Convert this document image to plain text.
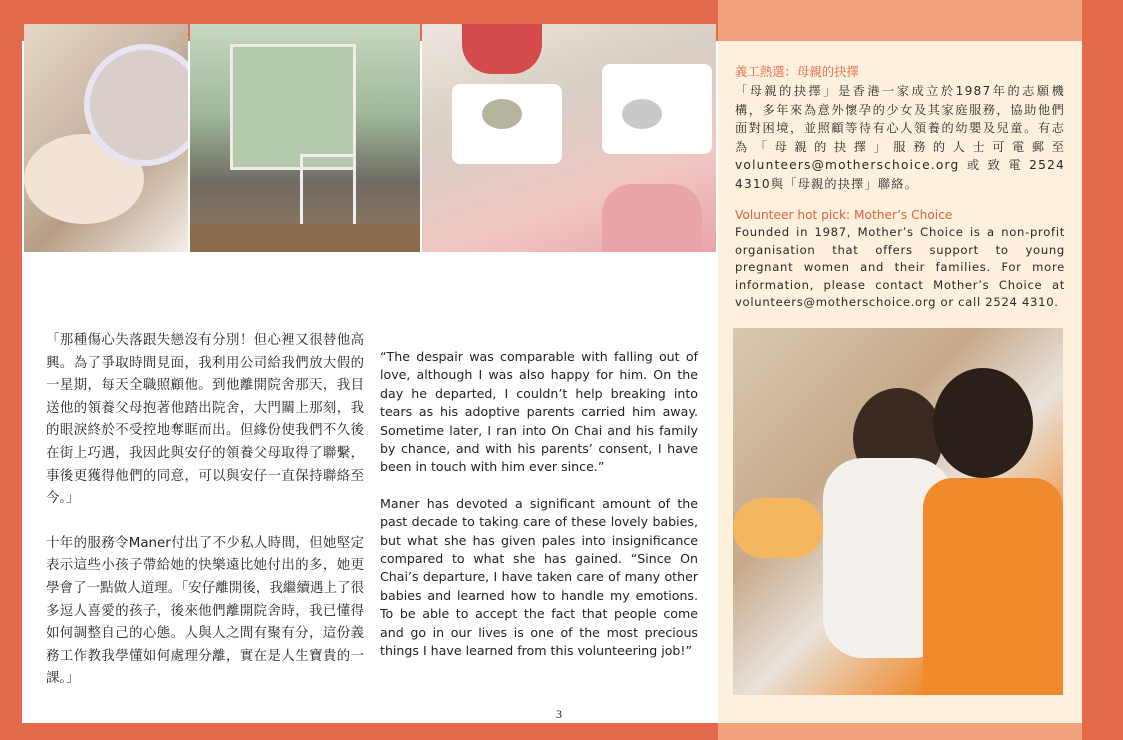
「那種傷心失落跟失戀沒有分別！但心裡又很替他高興。為了爭取時間見面，我利用公司給我們放大假的一星期，每天全職照顧他。到他離開院舍那天，我目送他的領養父母抱著他踏出院舍，大門關上那刻，我的眼淚終於不受控地奪眶而出。但緣份使我們不久後在街上巧遇，我因此與安仔的領養父母取得了聯繫，事後更獲得他們的同意，可以與安仔一直保持聯絡至今。」

十年的服務令Maner付出了不少私人時間，但她堅定表示這些小孩子帶給她的快樂遠比她付出的多，她更學會了一點做人道理。「安仔離開後，我繼續遇上了很多逗人喜愛的孩子，後來他們離開院舍時，我已懂得如何調整自己的心態。人與人之間有聚有分，這份義務工作教我學懂如何處理分離，實在是人生寶貴的一課。」

“The despair was comparable with falling out of love, although I was also happy for him. On the day he departed, I couldn’t help breaking into tears as his adoptive parents carried him away. Sometime later, I ran into On Chai and his family by chance, and with his parents’ consent, I have been in touch with him ever since.”

Maner has devoted a significant amount of the past decade to taking care of these lovely babies, but what she has given pales into insignificance compared to what she has gained. “Since On Chai’s departure, I have taken care of many other babies and learned how to handle my emotions. To be able to accept the fact that people come and go in our lives is one of the most precious things I have learned from this volunteering job!”

3
義工熱選：母親的抉擇
「母親的抉擇」是香港一家成立於1987年的志願機構，多年來為意外懷孕的少女及其家庭服務，協助他們面對困境，並照顧等待有心人領養的幼嬰及兒童。有志為「母親的抉擇」服務的人士可電郵至volunteers@motherschoice.org或致電2524 4310與「母親的抉擇」聯絡。
Volunteer hot pick: Mother’s Choice
Founded in 1987, Mother’s Choice is a non-profit organisation that offers support to young pregnant women and their families. For more information, please contact Mother’s Choice at volunteers@motherschoice.org or call 2524 4310.
